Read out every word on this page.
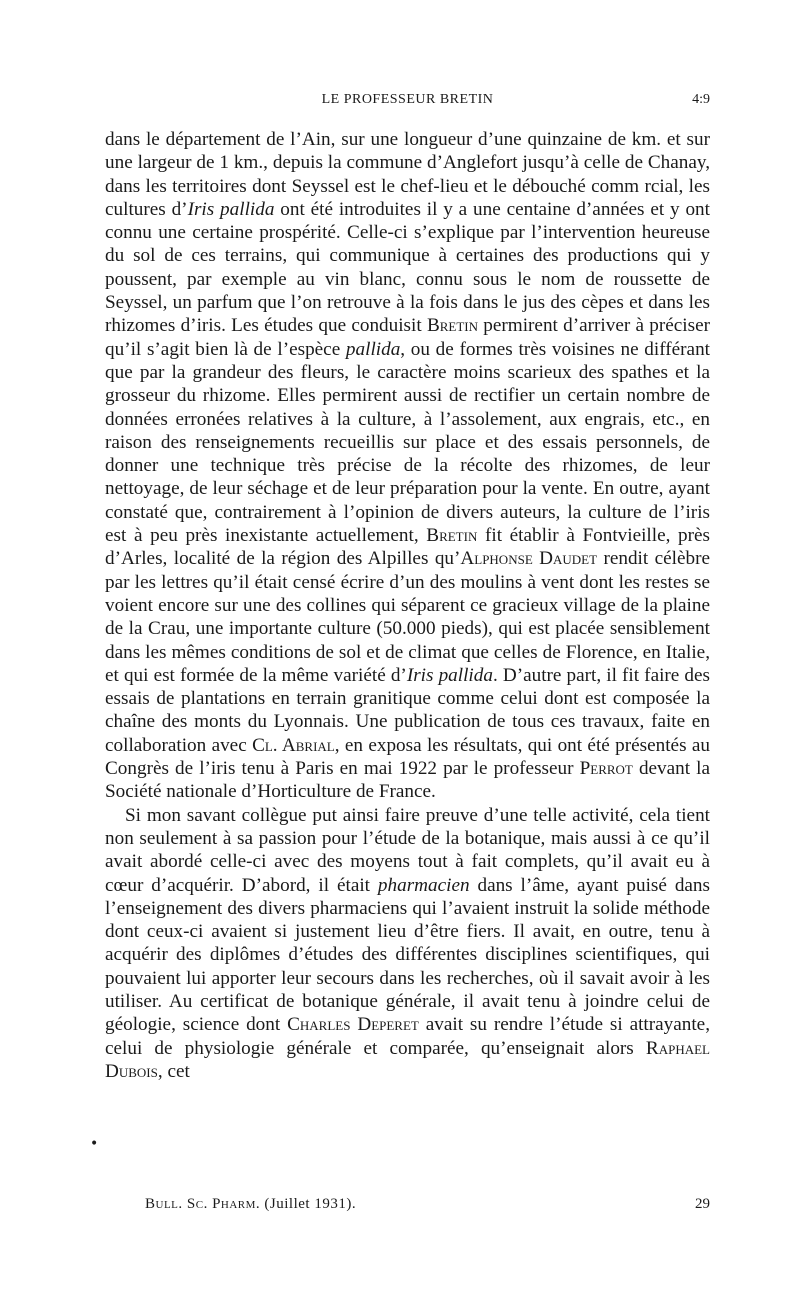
LE PROFESSEUR BRETIN	4:9

dans le département de l’Ain, sur une longueur d’une quinzaine de km. et sur une largeur de 1 km., depuis la commune d’Anglefort jusqu’à celle de Chanay, dans les territoires dont Seyssel est le chef-lieu et le débouché comm rcial, les cultures d’Iris pallida ont été introduites il y a une centaine d’années et y ont connu une certaine prospérité. Celle-ci s’explique par l’intervention heureuse du sol de ces terrains, qui communique à certaines des productions qui y poussent, par exemple au vin blanc, connu sous le nom de roussette de Seyssel, un parfum que l’on retrouve à la fois dans le jus des cèpes et dans les rhizomes d’iris. Les études que conduisit Bretin permirent d’arriver à préciser qu’il s’agit bien là de l’espèce pallida, ou de formes très voisines ne différant que par la grandeur des fleurs, le caractère moins scarieux des spathes et la grosseur du rhizome. Elles permirent aussi de rectifier un certain nombre de données erronées relatives à la culture, à l’assolement, aux engrais, etc., en raison des renseignements recueillis sur place et des essais personnels, de donner une technique très précise de la récolte des rhizomes, de leur nettoyage, de leur séchage et de leur préparation pour la vente. En outre, ayant constaté que, contrairement à l’opinion de divers auteurs, la culture de l’iris est à peu près inexistante actuellement, Bretin fit établir à Fontvieille, près d’Arles, localité de la région des Alpilles qu’Alphonse Daudet rendit célèbre par les lettres qu’il était censé écrire d’un des moulins à vent dont les restes se voient encore sur une des collines qui séparent ce gracieux village de la plaine de la Crau, une importante culture (50.000 pieds), qui est placée sensiblement dans les mêmes conditions de sol et de climat que celles de Florence, en Italie, et qui est formée de la même variété d’Iris pallida. D’autre part, il fit faire des essais de plantations en terrain granitique comme celui dont est composée la chaîne des monts du Lyonnais. Une publication de tous ces travaux, faite en collaboration avec Cl. Abrial, en exposa les résultats, qui ont été présentés au Congrès de l’iris tenu à Paris en mai 1922 par le professeur Perrot devant la Société nationale d’Horticulture de France.

Si mon savant collègue put ainsi faire preuve d’une telle activité, cela tient non seulement à sa passion pour l’étude de la botanique, mais aussi à ce qu’il avait abordé celle-ci avec des moyens tout à fait complets, qu’il avait eu à cœur d’acquérir. D’abord, il était pharmacien dans l’âme, ayant puisé dans l’enseignement des divers pharmaciens qui l’avaient instruit la solide méthode dont ceux-ci avaient si justement lieu d’être fiers. Il avait, en outre, tenu à acquérir des diplômes d’études des différentes disciplines scientifiques, qui pouvaient lui apporter leur secours dans les recherches, où il savait avoir à les utiliser. Au certificat de botanique générale, il avait tenu à joindre celui de géologie, science dont Charles Deperet avait su rendre l’étude si attrayante, celui de physiologie générale et comparée, qu’enseignait alors Raphael Dubois, cet

•
Bull. Sc. Pharm. (Juillet 1931).	29
